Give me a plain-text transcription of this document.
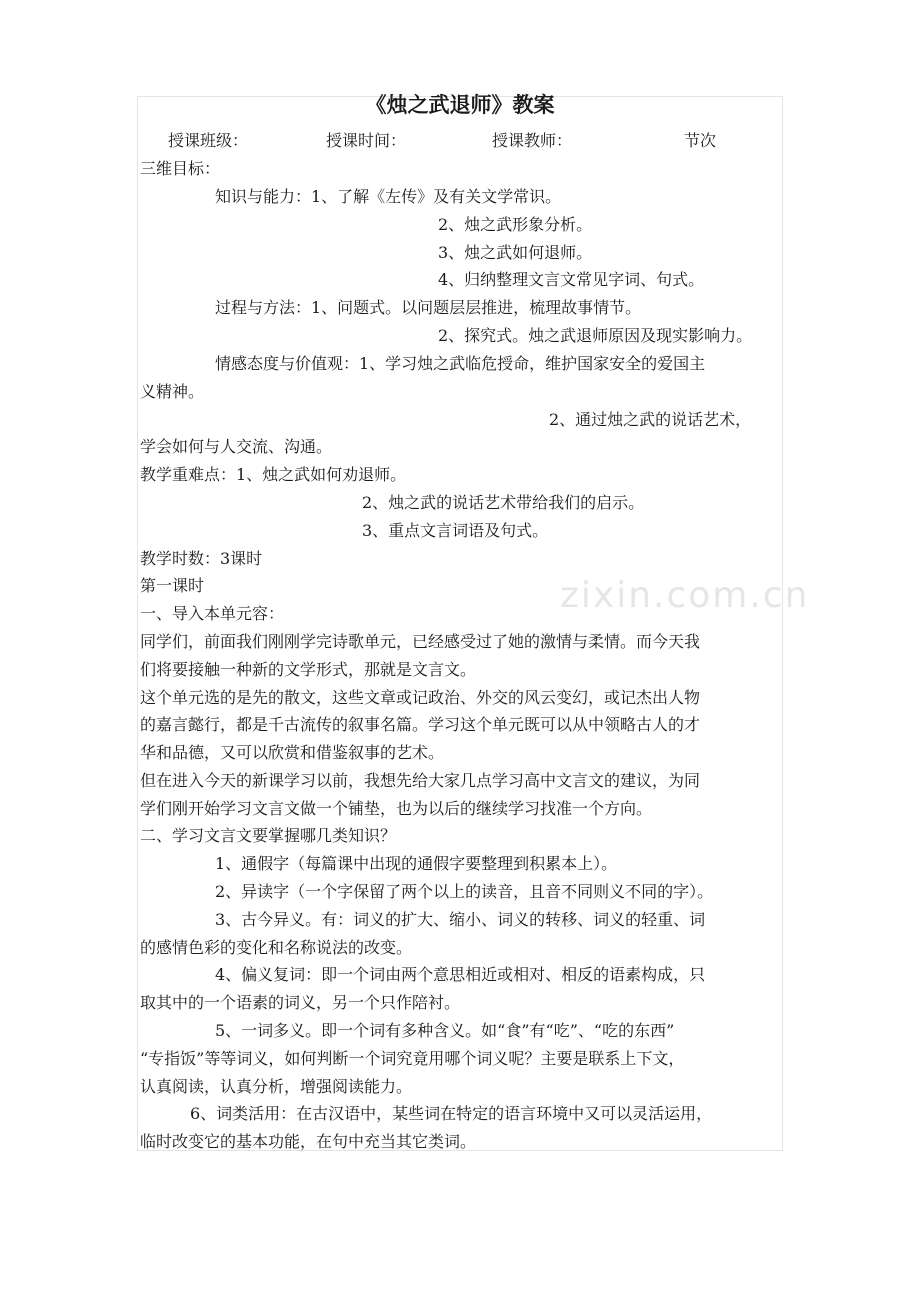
《烛之武退师》教案
授课班级：	授课时间：	授课教师：	节次
三维目标：
知识与能力：1、了解《左传》及有关文学常识。
2、烛之武形象分析。
3、烛之武如何退师。
4、归纳整理文言文常见字词、句式。
过程与方法：1、问题式。以问题层层推进，梳理故事情节。
2、探究式。烛之武退师原因及现实影响力。
情感态度与价值观：1、学习烛之武临危授命，维护国家安全的爱国主
义精神。
2、通过烛之武的说话艺术，
学会如何与人交流、沟通。
教学重难点：1、烛之武如何劝退师。
2、烛之武的说话艺术带给我们的启示。
3、重点文言词语及句式。
教学时数：3课时
第一课时
一、导入本单元容：
同学们，前面我们刚刚学完诗歌单元，已经感受过了她的激情与柔情。而今天我
们将要接触一种新的文学形式，那就是文言文。
这个单元选的是先的散文，这些文章或记政治、外交的风云变幻，或记杰出人物
的嘉言懿行，都是千古流传的叙事名篇。学习这个单元既可以从中领略古人的才
华和品德，又可以欣赏和借鉴叙事的艺术。
但在进入今天的新课学习以前，我想先给大家几点学习高中文言文的建议，为同
学们刚开始学习文言文做一个铺垫，也为以后的继续学习找准一个方向。
二、学习文言文要掌握哪几类知识？
1、通假字（每篇课中出现的通假字要整理到积累本上）。
2、异读字（一个字保留了两个以上的读音，且音不同则义不同的字）。
3、古今异义。有：词义的扩大、缩小、词义的转移、词义的轻重、词
的感情色彩的变化和名称说法的改变。
4、偏义复词：即一个词由两个意思相近或相对、相反的语素构成，只
取其中的一个语素的词义，另一个只作陪衬。
5、一词多义。即一个词有多种含义。如“食”有“吃”、“吃的东西”
“专指饭”等等词义，如何判断一个词究竟用哪个词义呢？主要是联系上下文，
认真阅读，认真分析，增强阅读能力。
6、词类活用：在古汉语中，某些词在特定的语言环境中又可以灵活运用，
临时改变它的基本功能，在句中充当其它类词。
zixin.com.cn
